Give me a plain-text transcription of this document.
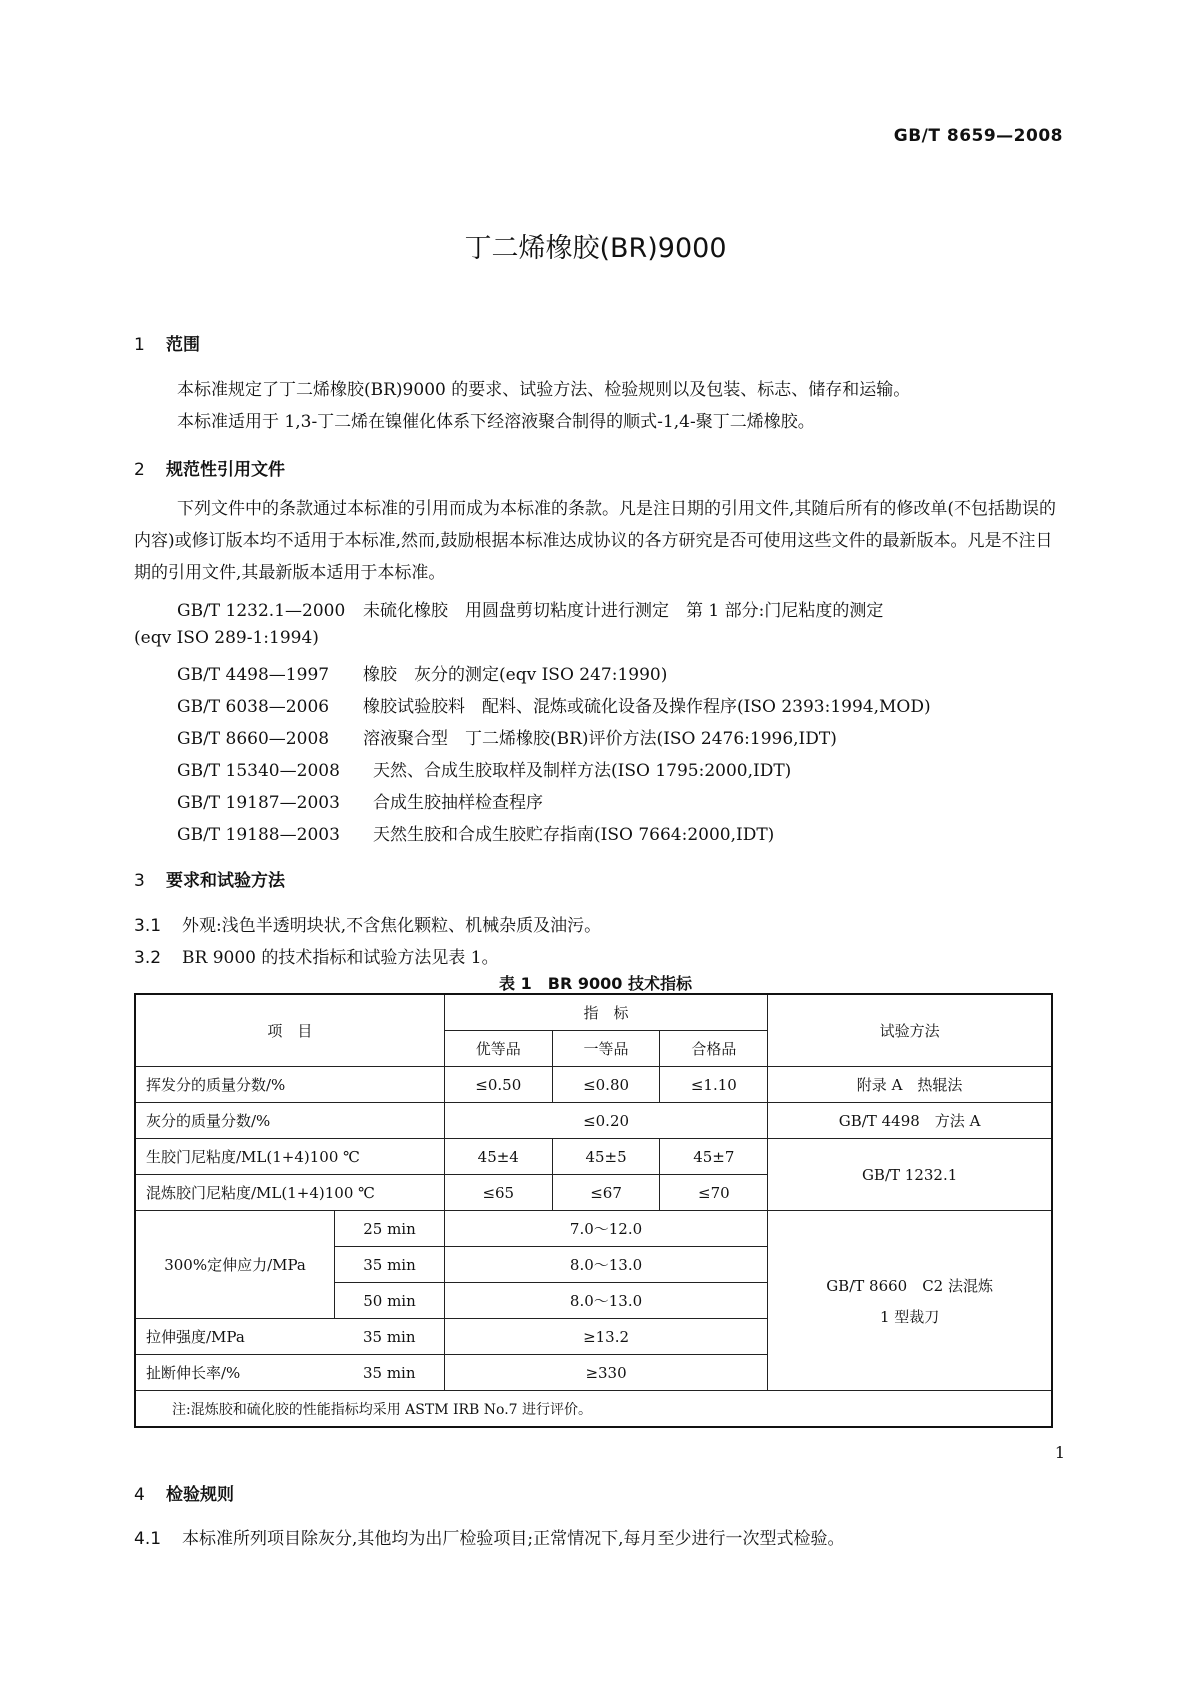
GB/T 8659—2008
丁二烯橡胶(BR)9000
1 范围
本标准规定了丁二烯橡胶(BR)9000 的要求、试验方法、检验规则以及包装、标志、储存和运输。
本标准适用于 1,3-丁二烯在镍催化体系下经溶液聚合制得的顺式-1,4-聚丁二烯橡胶。
2 规范性引用文件
下列文件中的条款通过本标准的引用而成为本标准的条款。凡是注日期的引用文件,其随后所有的修改单(不包括勘误的内容)或修订版本均不适用于本标准,然而,鼓励根据本标准达成协议的各方研究是否可使用这些文件的最新版本。凡是不注日期的引用文件,其最新版本适用于本标准。
GB/T 1232.1—2000 未硫化橡胶　用圆盘剪切粘度计进行测定　第 1 部分:门尼粘度的测定
(eqv ISO 289-1:1994)
GB/T 4498—1997 橡胶　灰分的测定(eqv ISO 247:1990)
GB/T 6038—2006 橡胶试验胶料　配料、混炼或硫化设备及操作程序(ISO 2393:1994,MOD)
GB/T 8660—2008 溶液聚合型　丁二烯橡胶(BR)评价方法(ISO 2476:1996,IDT)
GB/T 15340—2008 天然、合成生胶取样及制样方法(ISO 1795:2000,IDT)
GB/T 19187—2003 合成生胶抽样检查程序
GB/T 19188—2003 天然生胶和合成生胶贮存指南(ISO 7664:2000,IDT)
3 要求和试验方法
3.1 外观:浅色半透明块状,不含焦化颗粒、机械杂质及油污。
3.2 BR 9000 的技术指标和试验方法见表 1。
表 1　BR 9000 技术指标
项　目		指　标			试验方法
		优等品	一等品	合格品	
挥发分的质量分数/%		≤0.50	≤0.80	≤1.10	附录 A　热辊法
灰分的质量分数/%		≤0.20			GB/T 4498　方法 A
生胶门尼粘度/ML(1+4)100 ℃		45±4	45±5	45±7	GB/T 1232.1
混炼胶门尼粘度/ML(1+4)100 ℃		≤65	≤67	≤70	
300%定伸应力/MPa	25 min	7.0～12.0			GB/T 8660　C2 法混炼
1 型裁刀

	35 min	8.0～13.0			
	50 min	8.0～13.0			
拉伸强度/MPa	35 min	≥13.2			
扯断伸长率/%	35 min	≥330			
注:混炼胶和硫化胶的性能指标均采用 ASTM IRB No.7 进行评价。					
4 检验规则
4.1 本标准所列项目除灰分,其他均为出厂检验项目;正常情况下,每月至少进行一次型式检验。
1
